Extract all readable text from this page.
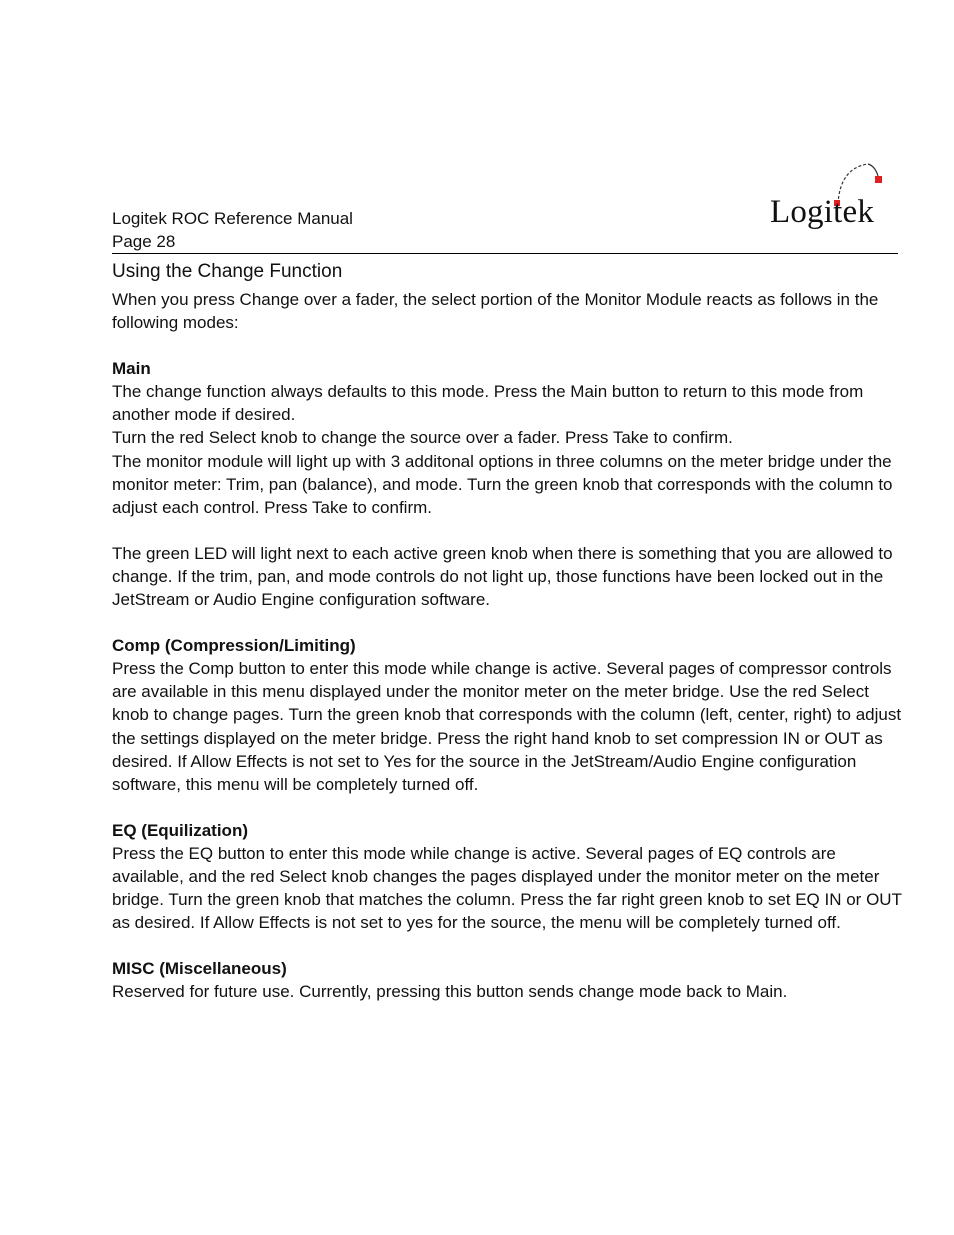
Logitek ROC Reference Manual
Page 28
Logitek
Using the Change Function

When you press Change over a fader, the select portion of the Monitor Module reacts as follows in the following modes:

Main

The change function always defaults to this mode. Press the Main button to return to this mode from another mode if desired.

Turn the red Select knob to change the source over a fader. Press Take to confirm.

The monitor module will light up with 3 additonal options in three columns on the meter bridge under the monitor meter: Trim, pan (balance), and mode. Turn the green knob that corresponds with the column to adjust each control. Press Take to confirm.

The green LED will light next to each active green knob when there is something that you are allowed to change. If the trim, pan, and mode controls do not light up, those functions have been locked out in the JetStream or Audio Engine configuration software.

Comp (Compression/Limiting)

Press the Comp button to enter this mode while change is active. Several pages of compressor controls are available in this menu displayed under the monitor meter on the meter bridge. Use the red Select knob to change pages. Turn the green knob that corresponds with the column (left, center, right) to adjust the settings displayed on the meter bridge. Press the right hand knob to set compression IN or OUT as desired. If Allow Effects is not set to Yes for the source in the JetStream/Audio Engine configuration software, this menu will be completely turned off.

EQ (Equilization)

Press the EQ button to enter this mode while change is active. Several pages of EQ controls are available, and the red Select knob changes the pages displayed under the monitor meter on the meter bridge. Turn the green knob that matches the column. Press the far right green knob to set EQ IN or OUT as desired. If Allow Effects is not set to yes for the source, the menu will be completely turned off.

MISC (Miscellaneous)

Reserved for future use. Currently, pressing this button sends change mode back to Main.
